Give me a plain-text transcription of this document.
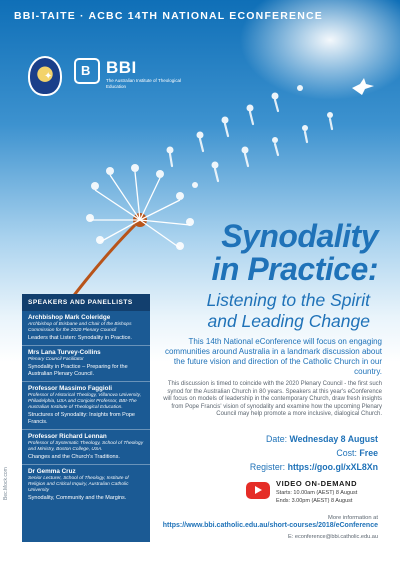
BBI-TAITE · ACBC 14TH NATIONAL ECONFERENCE
✦ B BBI
The Australian Institute of Theological Education
Bec.Mock.com
Synodality
in Practice:
Listening to the Spirit
and Leading Change
SPEAKERS AND PANELLISTS
Archbishop Mark Coleridge
Archbishop of Brisbane and Chair of the Bishops Commission for the 2020 Plenary Council
Leaders that Listen: Synodality in Practice.
Mrs Lana Turvey-Collins
Plenary Council Facilitator
Synodality in Practice – Preparing for the Australian Plenary Council.
Professor Massimo Faggioli
Professor of Historical Theology, Villanova University, Philadelphia, USA and Conjoint Professor, BBI-The Australian Institute of Theological Education.
Structures of Synodality: Insights from Pope Francis.
Professor Richard Lennan
Professor of Systematic Theology, School of Theology and Ministry, Boston College, USA.
Changes and the Church's Traditions.
Dr Gemma Cruz
Senior Lecturer, School of Theology, Institute of Religion and Critical Inquiry, Australian Catholic University
Synodality, Community and the Margins.
This 14th National eConference will focus on engaging communities around Australia in a landmark discussion about the future vision and direction of the Catholic Church in our country.
This discussion is timed to coincide with the 2020 Plenary Council - the first such synod for the Australian Church in 80 years. Speakers at this year's eConference will focus on models of leadership in the contemporary Church, draw fresh insights from Pope Francis' vision of synodality and examine how the upcoming Plenary Council may help promote a more inclusive, dialogical Church.
Date: Wednesday 8 August
Cost: Free
Register: https://goo.gl/xXL8Xn
VIDEO ON-DEMAND
Starts: 10.00am (AEST) 8 August
Ends: 3.00pm (AEST) 8 August
More information at
https://www.bbi.catholic.edu.au/short-courses/2018/eConference
E: econference@bbi.catholic.edu.au
